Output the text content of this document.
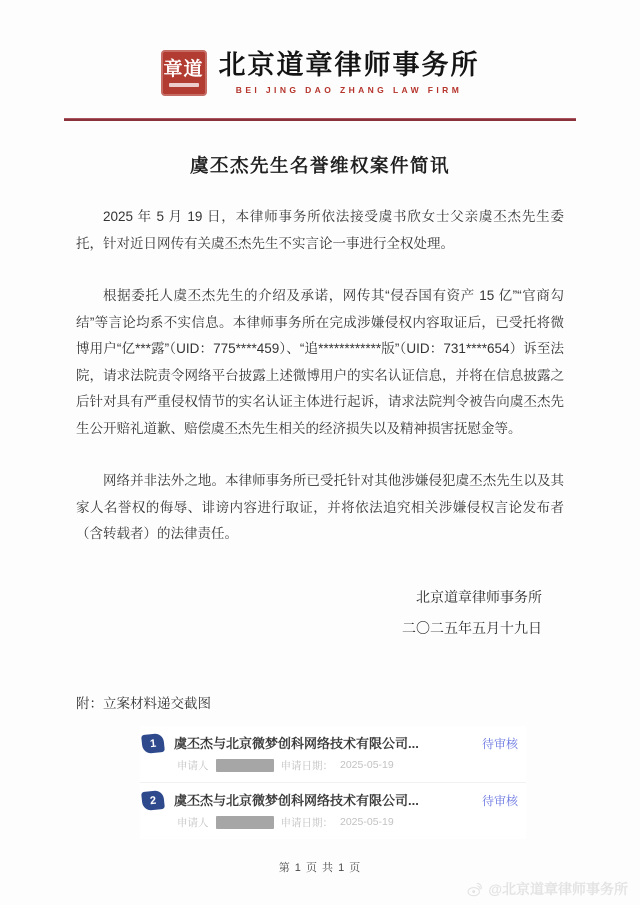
章道 北京道章律师事务所
BEI JING DAO ZHANG LAW FIRM
虞丕杰先生名誉维权案件简讯

2025 年 5 月 19 日，本律师事务所依法接受虞书欣女士父亲虞丕杰先生委托，针对近日网传有关虞丕杰先生不实言论一事进行全权处理。

根据委托人虞丕杰先生的介绍及承诺，网传其“侵吞国有资产 15 亿”“官商勾结”等言论均系不实信息。本律师事务所在完成涉嫌侵权内容取证后，已受托将微博用户“亿***露”（UID：775****459）、“追************版”（UID：731****654）诉至法院，请求法院责令网络平台披露上述微博用户的实名认证信息，并将在信息披露之后针对具有严重侵权情节的实名认证主体进行起诉，请求法院判令被告向虞丕杰先生公开赔礼道歉、赔偿虞丕杰先生相关的经济损失以及精神损害抚慰金等。

网络并非法外之地。本律师事务所已受托针对其他涉嫌侵犯虞丕杰先生以及其家人名誉权的侮辱、诽谤内容进行取证，并将依法追究相关涉嫌侵权言论发布者（含转载者）的法律责任。

北京道章律师事务所
二〇二五年五月十九日
附：立案材料递交截图
1 虞丕杰与北京微梦创科网络技术有限公司...	待审核
申请人	申请日期： 2025-05-19
2 虞丕杰与北京微梦创科网络技术有限公司...	待审核
申请人	申请日期： 2025-05-19
第 1 页 共 1 页
@北京道章律师事务所
